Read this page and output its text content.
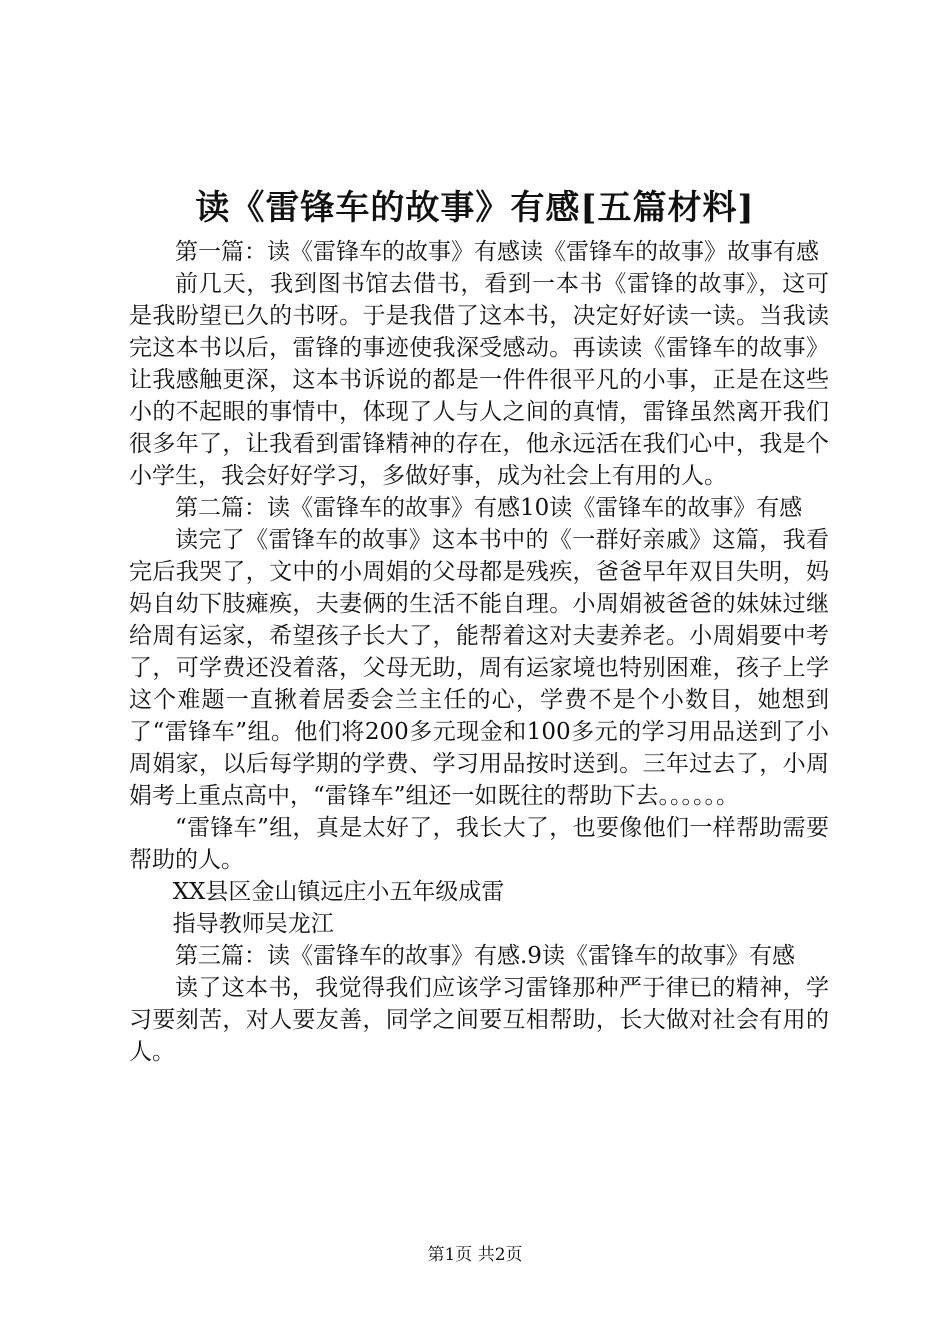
读《雷锋车的故事》有感[五篇材料]

第一篇：读《雷锋车的故事》有感读《雷锋车的故事》故事有感

前几天，我到图书馆去借书，看到一本书《雷锋的故事》，这可是我盼望已久的书呀。于是我借了这本书，决定好好读一读。当我读完这本书以后，雷锋的事迹使我深受感动。再读读《雷锋车的故事》让我感触更深，这本书诉说的都是一件件很平凡的小事，正是在这些小的不起眼的事情中，体现了人与人之间的真情，雷锋虽然离开我们很多年了，让我看到雷锋精神的存在，他永远活在我们心中，我是个小学生，我会好好学习，多做好事，成为社会上有用的人。

第二篇：读《雷锋车的故事》有感10读《雷锋车的故事》有感

读完了《雷锋车的故事》这本书中的《一群好亲戚》这篇，我看完后我哭了，文中的小周娟的父母都是残疾，爸爸早年双目失明，妈妈自幼下肢瘫痪，夫妻俩的生活不能自理。小周娟被爸爸的妹妹过继给周有运家，希望孩子长大了，能帮着这对夫妻养老。小周娟要中考了，可学费还没着落，父母无助，周有运家境也特别困难，孩子上学这个难题一直揪着居委会兰主任的心，学费不是个小数目，她想到了“雷锋车”组。他们将200多元现金和100多元的学习用品送到了小周娟家，以后每学期的学费、学习用品按时送到。三年过去了，小周娟考上重点高中，“雷锋车”组还一如既往的帮助下去。。。。。。

“雷锋车”组，真是太好了，我长大了，也要像他们一样帮助需要帮助的人。

XX县区金山镇远庄小五年级成雷

指导教师吴龙江

第三篇：读《雷锋车的故事》有感.9读《雷锋车的故事》有感

读了这本书，我觉得我们应该学习雷锋那种严于律已的精神，学习要刻苦，对人要友善，同学之间要互相帮助，长大做对社会有用的人。

第1页 共2页
